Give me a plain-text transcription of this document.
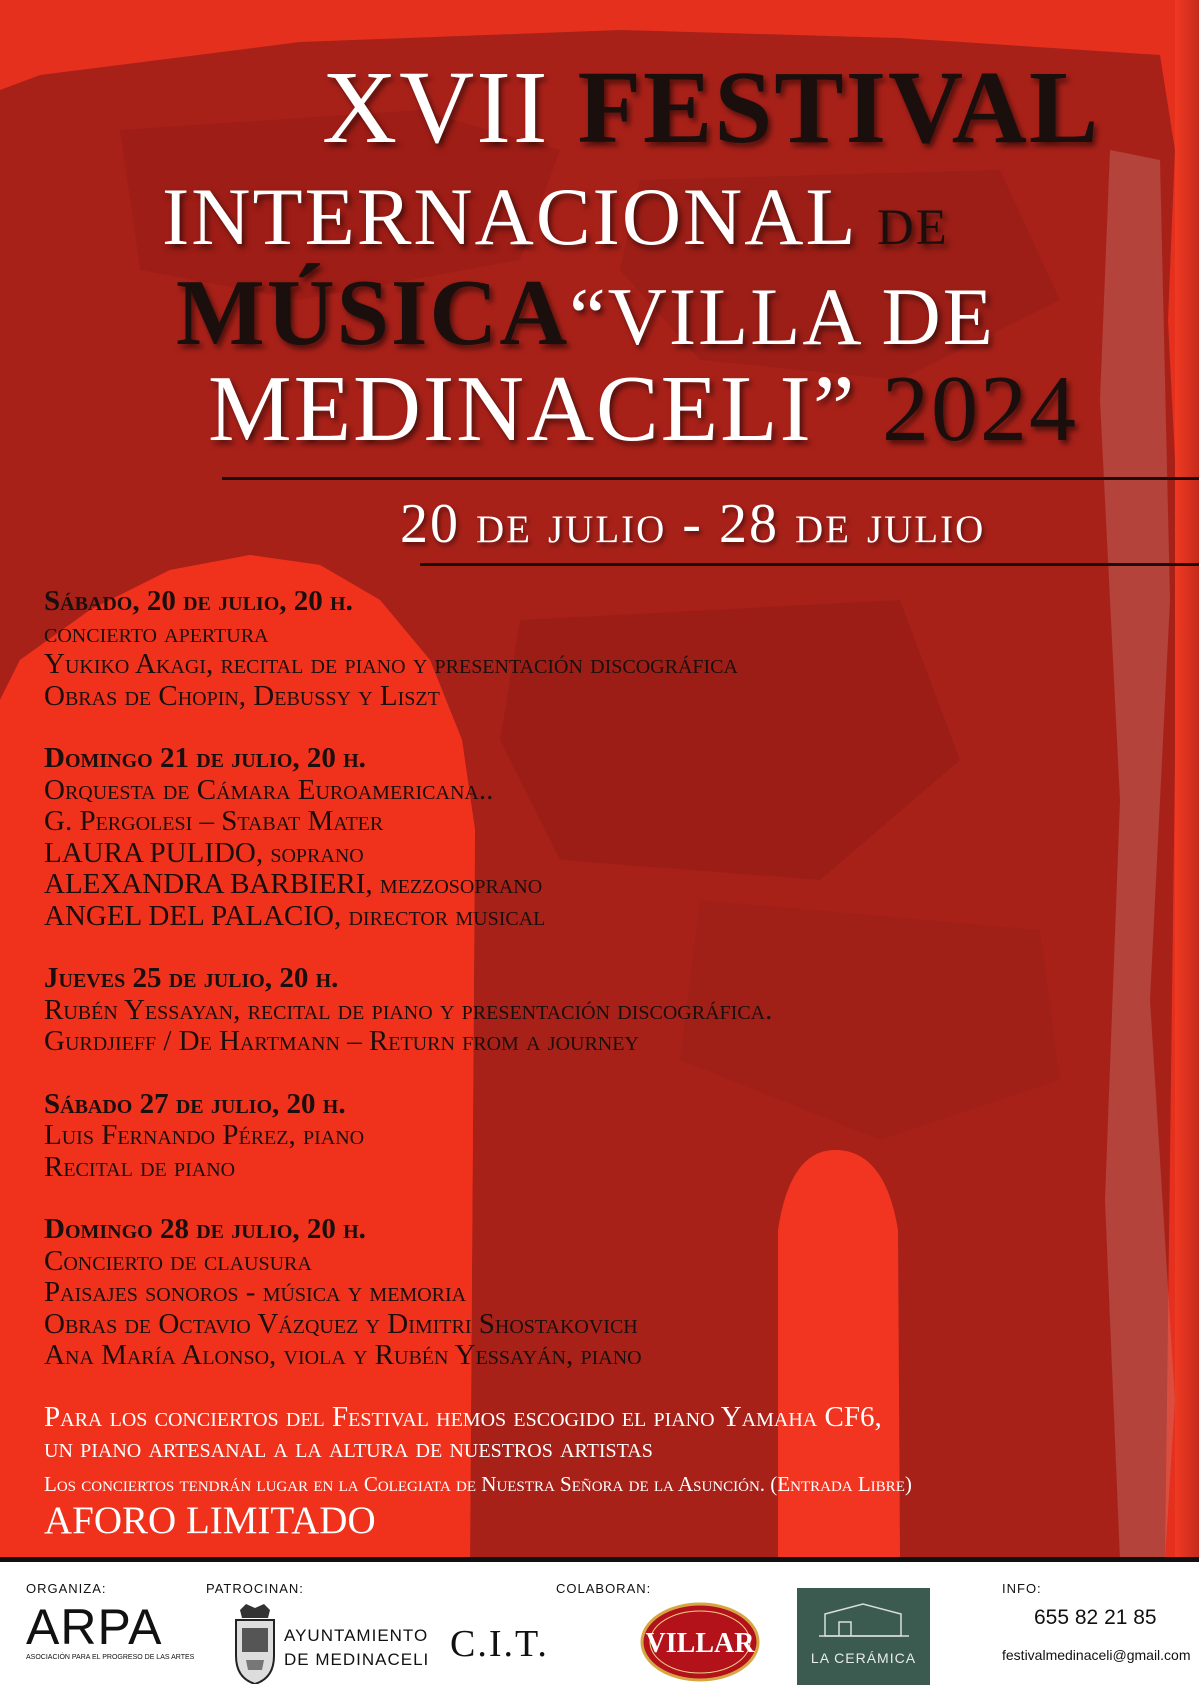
XVII FESTIVAL
INTERNACIONAL DE
MÚSICA“VILLA DE
MEDINACELI” 2024
20 de julio - 28 de julio
Sábado, 20 de julio, 20 h.
concierto apertura
Yukiko Akagi, recital de piano y presentación discográfica
Obras de Chopin, Debussy y Liszt
Domingo 21 de julio, 20 h.
Orquesta de Cámara Euroamericana..
G. Pergolesi – Stabat Mater
LAURA PULIDO, soprano
ALEXANDRA BARBIERI, mezzosoprano
ANGEL DEL PALACIO, director musical
Jueves 25 de julio, 20 h.
Rubén Yessayan, recital de piano y presentación discográfica.
Gurdjieff / De Hartmann – Return from a journey
Sábado 27 de julio, 20 h.
Luis Fernando Pérez, piano
Recital de piano
Domingo 28 de julio, 20 h.
Concierto de clausura
Paisajes sonoros - música y memoria
Obras de Octavio Vázquez y Dimitri Shostakovich
Ana María Alonso, viola y Rubén Yessayán, piano
Para los conciertos del Festival hemos escogido el piano Yamaha CF6,
un piano artesanal a la altura de nuestros artistas
Los conciertos tendrán lugar en la Colegiata de Nuestra Señora de la Asunción. (Entrada Libre)
AFORO LIMITADO
ORGANIZA:	PATROCINAN:	COLABORAN:	INFO:
ARPA
ASOCIACIÓN PARA EL PROGRESO DE LAS ARTES
AYUNTAMIENTO
DE MEDINACELI C.I.T.	VILLAR	LA CERÁMICA
655 82 21 85
festivalmedinaceli@gmail.com
